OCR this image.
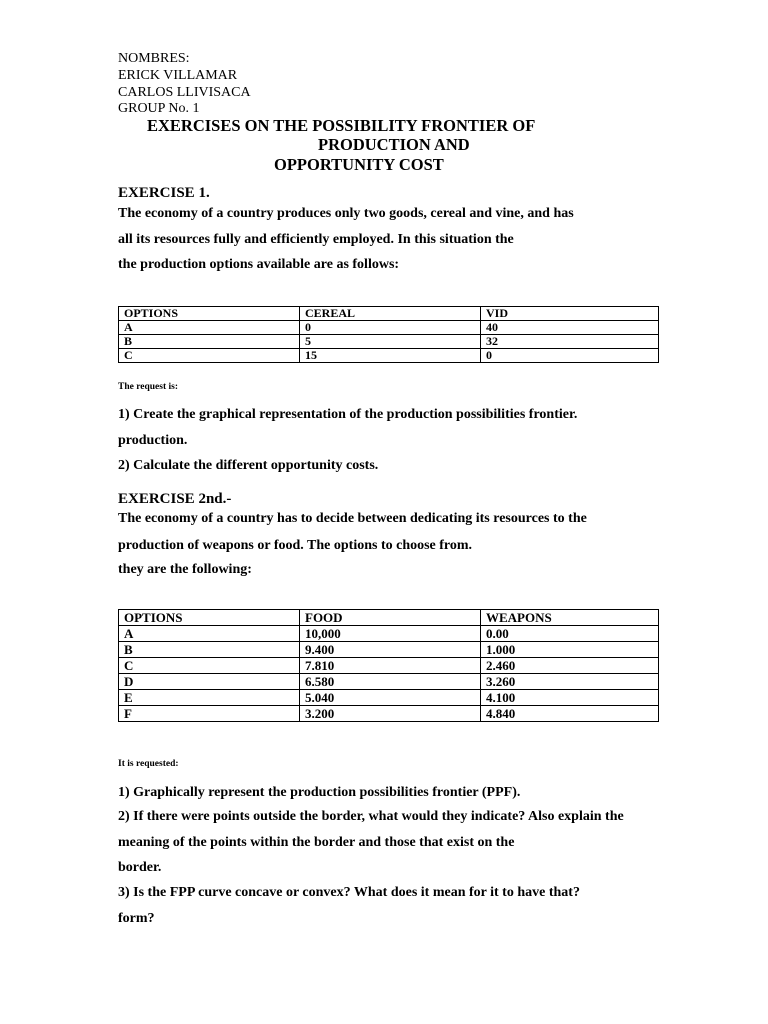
NOMBRES:
ERICK VILLAMAR
CARLOS LLIVISACA
GROUP No. 1
EXERCISES ON THE POSSIBILITY FRONTIER OF
PRODUCTION AND
OPPORTUNITY COST
EXERCISE 1.
The economy of a country produces only two goods, cereal and vine, and has
all its resources fully and efficiently employed. In this situation the
the production options available are as follows:
OPTIONS	CEREAL	VID
A	0	40
B	5	32
C	15	0
The request is:
1) Create the graphical representation of the production possibilities frontier.
production.
2) Calculate the different opportunity costs.
EXERCISE 2nd.-
The economy of a country has to decide between dedicating its resources to the
production of weapons or food. The options to choose from.
they are the following:
OPTIONS	FOOD	WEAPONS
A	10,000	0.00
B	9.400	1.000
C	7.810	2.460
D	6.580	3.260
E	5.040	4.100
F	3.200	4.840
It is requested:
1) Graphically represent the production possibilities frontier (PPF).
2) If there were points outside the border, what would they indicate? Also explain the
meaning of the points within the border and those that exist on the
border.
3) Is the FPP curve concave or convex? What does it mean for it to have that?
form?
